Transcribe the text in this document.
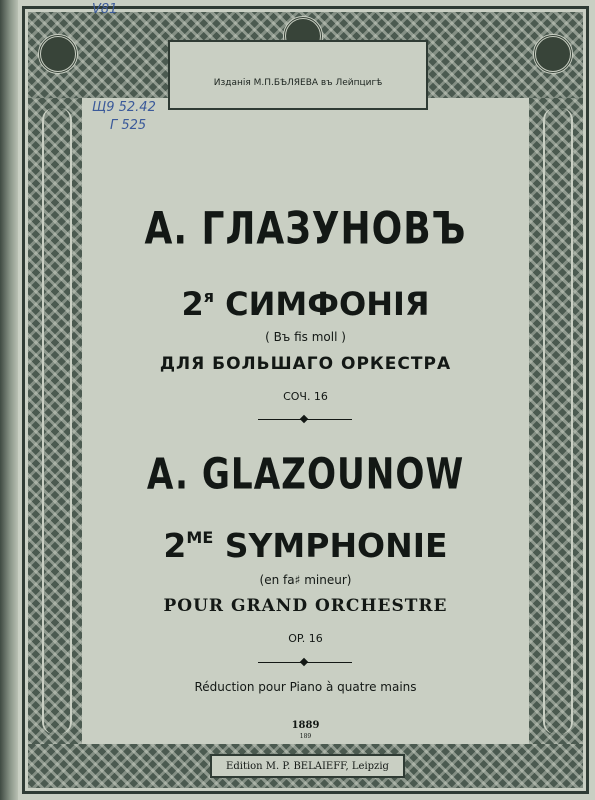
Изданiя М.П.БѢЛЯЕВА въ Лейпцигѣ
V81
Щ9 52.42
Г 525
А. ГЛАЗУНОВЪ
$2^я$ СИМФОНIЯ
( Въ fis moll )
ДЛЯ БОЛЬШАГО ОРКЕСТРА
СОЧ. 16
A. GLAZOUNOW
$2^{ME}$ SYMPHONIE
(en fa♯ mineur)
POUR GRAND ORCHESTRE
OP. 16
Réduction pour Piano à quatre mains
1889
189
Edition M. P. BELAIEFF, Leipzig
